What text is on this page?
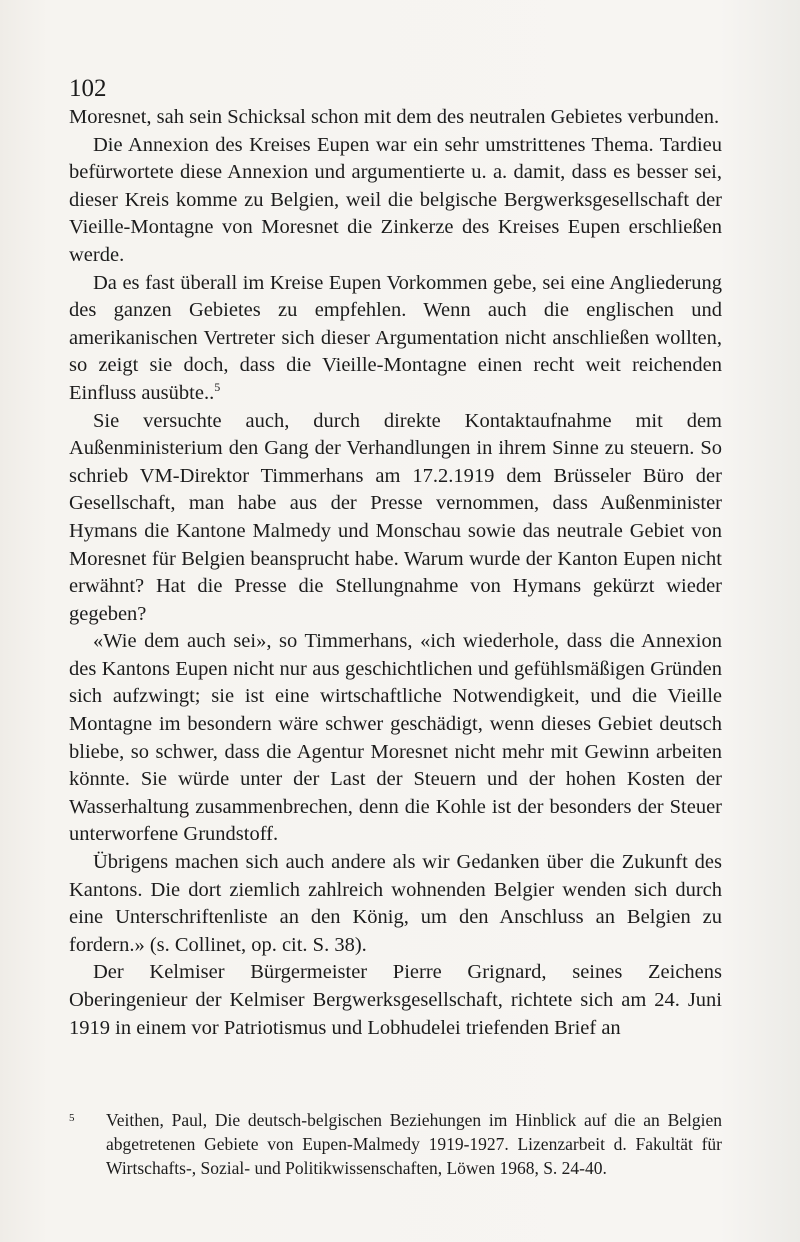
102

Moresnet, sah sein Schicksal schon mit dem des neutralen Gebietes verbunden.

Die Annexion des Kreises Eupen war ein sehr umstrittenes Thema. Tardieu befürwortete diese Annexion und argumentierte u. a. damit, dass es besser sei, dieser Kreis komme zu Belgien, weil die belgische Bergwerksgesellschaft der Vieille-Montagne von Moresnet die Zinkerze des Kreises Eupen erschließen werde.

Da es fast überall im Kreise Eupen Vorkommen gebe, sei eine Angliederung des ganzen Gebietes zu empfehlen. Wenn auch die englischen und amerikanischen Vertreter sich dieser Argumentation nicht anschließen wollten, so zeigt sie doch, dass die Vieille-Montagne einen recht weit reichenden Einfluss ausübte..$^5$

Sie versuchte auch, durch direkte Kontaktaufnahme mit dem Außenministerium den Gang der Verhandlungen in ihrem Sinne zu steuern. So schrieb VM-Direktor Timmerhans am 17.2.1919 dem Brüsseler Büro der Gesellschaft, man habe aus der Presse vernommen, dass Außenminister Hymans die Kantone Malmedy und Monschau sowie das neutrale Gebiet von Moresnet für Belgien beansprucht habe. Warum wurde der Kanton Eupen nicht erwähnt? Hat die Presse die Stellungnahme von Hymans gekürzt wieder gegeben?

«Wie dem auch sei», so Timmerhans, «ich wiederhole, dass die Annexion des Kantons Eupen nicht nur aus geschichtlichen und gefühlsmäßigen Gründen sich aufzwingt; sie ist eine wirtschaftliche Notwendigkeit, und die Vieille Montagne im besondern wäre schwer geschädigt, wenn dieses Gebiet deutsch bliebe, so schwer, dass die Agentur Moresnet nicht mehr mit Gewinn arbeiten könnte. Sie würde unter der Last der Steuern und der hohen Kosten der Wasserhaltung zusammenbrechen, denn die Kohle ist der besonders der Steuer unterworfene Grundstoff.

Übrigens machen sich auch andere als wir Gedanken über die Zukunft des Kantons. Die dort ziemlich zahlreich wohnenden Belgier wenden sich durch eine Unterschriftenliste an den König, um den Anschluss an Belgien zu fordern.» (s. Collinet, op. cit. S. 38).

Der Kelmiser Bürgermeister Pierre Grignard, seines Zeichens Oberingenieur der Kelmiser Bergwerksgesellschaft, richtete sich am 24. Juni 1919 in einem vor Patriotismus und Lobhudelei triefenden Brief an

5 Veithen, Paul, Die deutsch-belgischen Beziehungen im Hinblick auf die an Belgien abgetretenen Gebiete von Eupen-Malmedy 1919-1927. Lizenzarbeit d. Fakultät für Wirtschafts-, Sozial- und Politikwissenschaften, Löwen 1968, S. 24-40.
